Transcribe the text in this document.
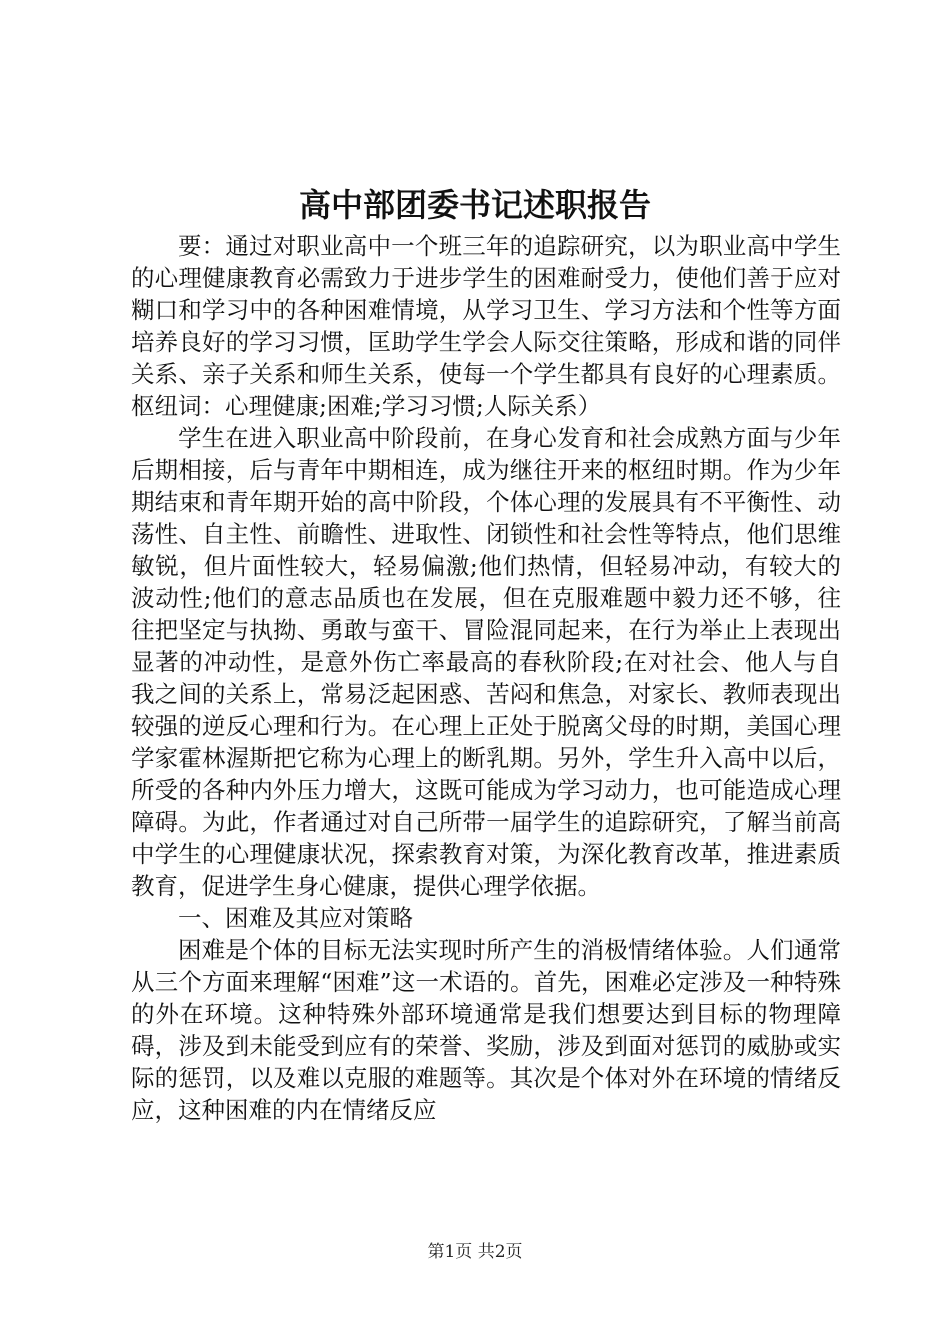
高中部团委书记述职报告

要：通过对职业高中一个班三年的追踪研究，以为职业高中学生的心理健康教育必需致力于进步学生的困难耐受力，使他们善于应对糊口和学习中的各种困难情境，从学习卫生、学习方法和个性等方面培养良好的学习习惯，匡助学生学会人际交往策略，形成和谐的同伴关系、亲子关系和师生关系，使每一个学生都具有良好的心理素质。枢纽词：心理健康;困难;学习习惯;人际关系）

学生在进入职业高中阶段前，在身心发育和社会成熟方面与少年后期相接，后与青年中期相连，成为继往开来的枢纽时期。作为少年期结束和青年期开始的高中阶段，个体心理的发展具有不平衡性、动荡性、自主性、前瞻性、进取性、闭锁性和社会性等特点，他们思维敏锐，但片面性较大，轻易偏激;他们热情，但轻易冲动，有较大的波动性;他们的意志品质也在发展，但在克服难题中毅力还不够，往往把坚定与执拗、勇敢与蛮干、冒险混同起来，在行为举止上表现出显著的冲动性，是意外伤亡率最高的春秋阶段;在对社会、他人与自我之间的关系上，常易泛起困惑、苦闷和焦急，对家长、教师表现出较强的逆反心理和行为。在心理上正处于脱离父母的时期，美国心理学家霍林渥斯把它称为心理上的断乳期。另外，学生升入高中以后，所受的各种内外压力增大，这既可能成为学习动力，也可能造成心理障碍。为此，作者通过对自己所带一届学生的追踪研究，了解当前高中学生的心理健康状况，探索教育对策，为深化教育改革，推进素质教育，促进学生身心健康，提供心理学依据。

一、困难及其应对策略

困难是个体的目标无法实现时所产生的消极情绪体验。人们通常从三个方面来理解“困难”这一术语的。首先，困难必定涉及一种特殊的外在环境。这种特殊外部环境通常是我们想要达到目标的物理障碍，涉及到未能受到应有的荣誉、奖励，涉及到面对惩罚的威胁或实际的惩罚，以及难以克服的难题等。其次是个体对外在环境的情绪反应，这种困难的内在情绪反应

第1页 共2页
